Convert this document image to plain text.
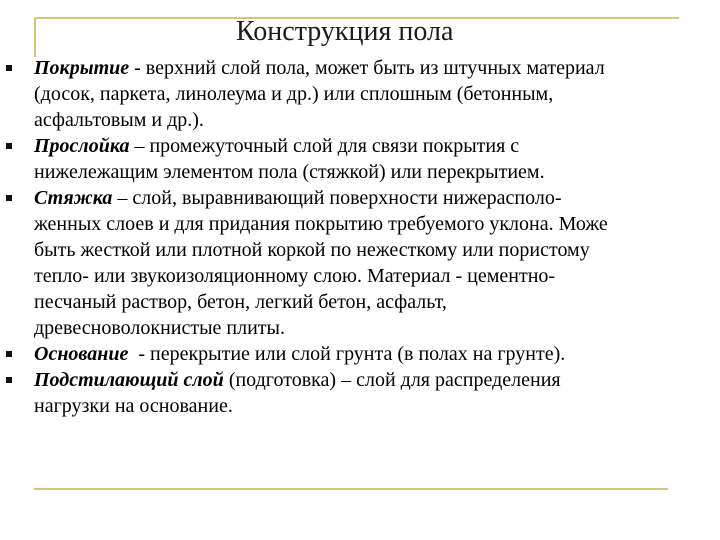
Конструкция пола
Покрытие - верхний слой пола, может быть из штучных материал
(досок, паркета, линолеума и др.) или сплошным (бетонным,
асфальтовым и др.).
Прослойка – промежуточный слой для связи покрытия с
нижележащим элементом пола (стяжкой) или перекрытием.
Стяжка – слой, выравнивающий поверхности нижерасполо-
женных слоев и для придания покрытию требуемого уклона. Може
быть жесткой или плотной коркой по нежесткому или пористому
тепло- или звукоизоляционному слою. Материал - цементно-
песчаный раствор, бетон, легкий бетон, асфальт,
древесноволокнистые плиты.
Основание  - перекрытие или слой грунта (в полах на грунте).
Подстилающий слой (подготовка) – слой для распределения
нагрузки на основание.
